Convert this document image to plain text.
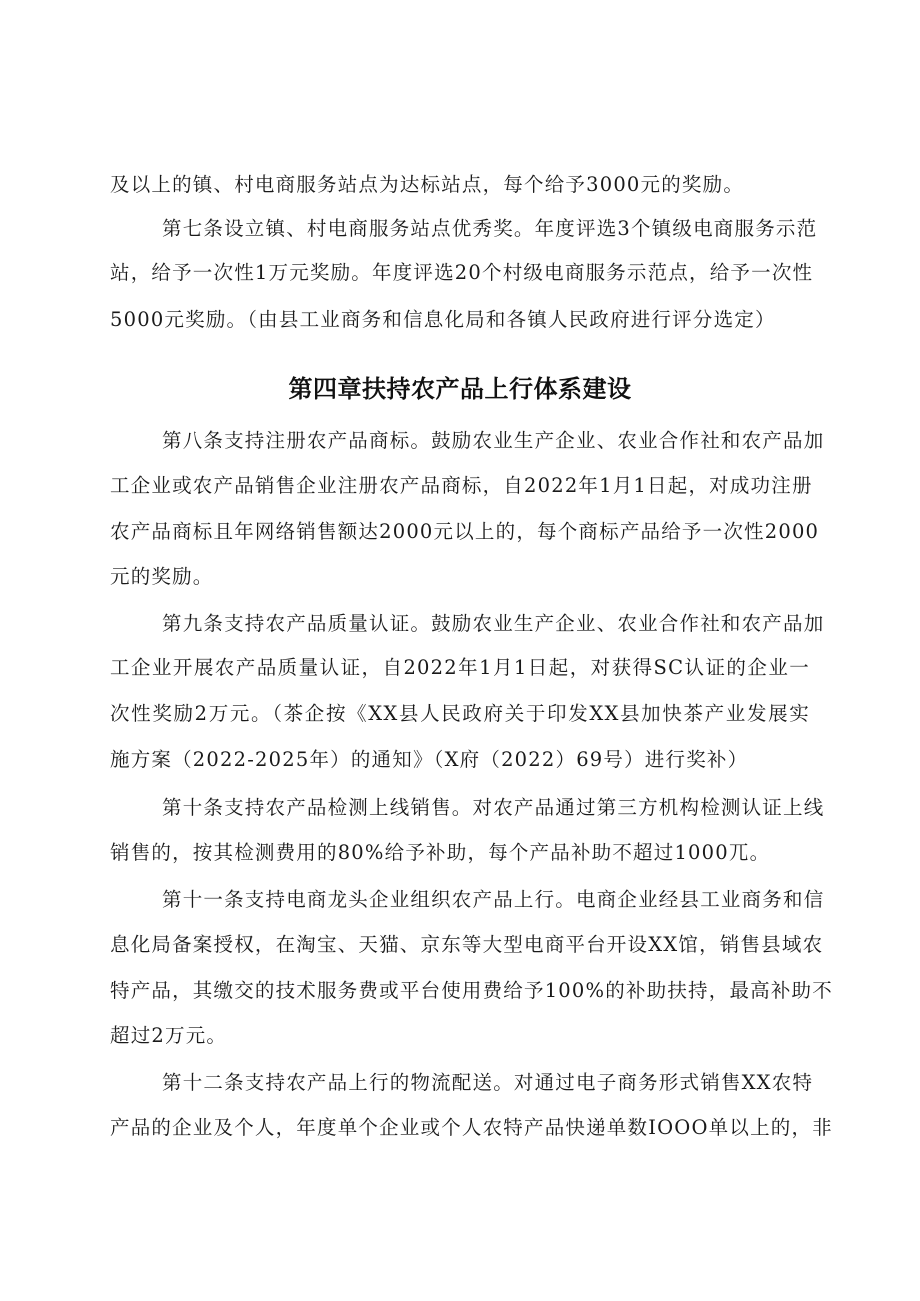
及以上的镇、村电商服务站点为达标站点，每个给予3000元的奖励。
第七条设立镇、村电商服务站点优秀奖。年度评选3个镇级电商服务示范
站，给予一次性1万元奖励。年度评选20个村级电商服务示范点，给予一次性
5000元奖励。（由县工业商务和信息化局和各镇人民政府进行评分选定）
第四章扶持农产品上行体系建设
第八条支持注册农产品商标。鼓励农业生产企业、农业合作社和农产品加
工企业或农产品销售企业注册农产品商标，自2022年1月1日起，对成功注册
农产品商标且年网络销售额达2000元以上的，每个商标产品给予一次性2000
元的奖励。
第九条支持农产品质量认证。鼓励农业生产企业、农业合作社和农产品加
工企业开展农产品质量认证，自2022年1月1日起，对获得SC认证的企业一
次性奖励2万元。（茶企按《XX县人民政府关于印发XX县加快茶产业发展实
施方案（2022-2025年）的通知》（X府（2022）69号）进行奖补）
第十条支持农产品检测上线销售。对农产品通过第三方机构检测认证上线
销售的，按其检测费用的80%给予补助，每个产品补助不超过1000兀。
第十一条支持电商龙头企业组织农产品上行。电商企业经县工业商务和信
息化局备案授权，在淘宝、天猫、京东等大型电商平台开设XX馆，销售县域农
特产品，其缴交的技术服务费或平台使用费给予100%的补助扶持，最高补助不
超过2万元。
第十二条支持农产品上行的物流配送。对通过电子商务形式销售XX农特
产品的企业及个人，年度单个企业或个人农特产品快递单数IOOO单以上的，非
